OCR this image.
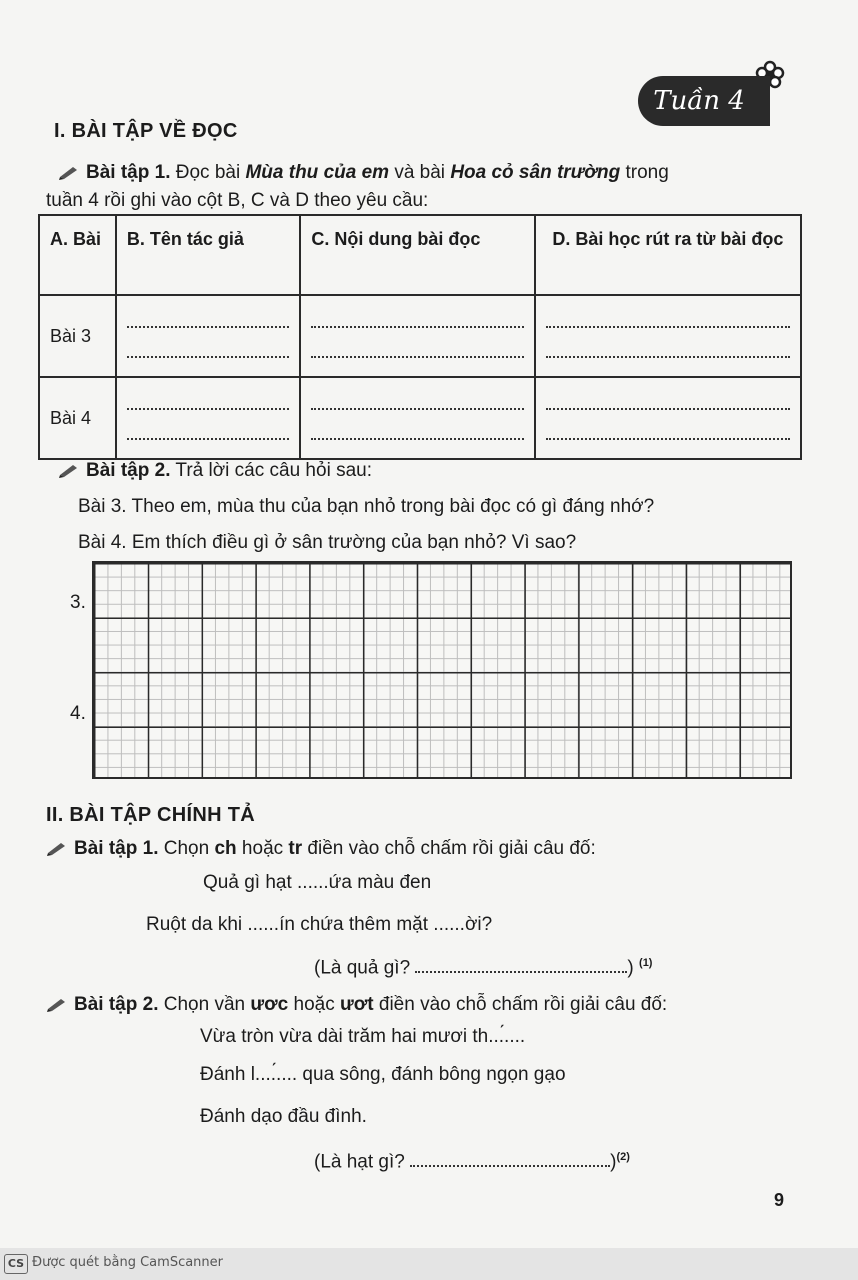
Tuần 4
I. BÀI TẬP VỀ ĐỌC
Bài tập 1. Đọc bài Mùa thu của em và bài Hoa cỏ sân trường trong
tuần 4 rồi ghi vào cột B, C và D theo yêu cầu:
A. Bài	B. Tên tác giả	C. Nội dung bài đọc	D. Bài học rút ra từ bài đọc
Bài 3	

Bài 4	

Bài tập 2. Trả lời các câu hỏi sau:
Bài 3. Theo em, mùa thu của bạn nhỏ trong bài đọc có gì đáng nhớ?
Bài 4. Em thích điều gì ở sân trường của bạn nhỏ? Vì sao?
3.
4.
II. BÀI TẬP CHÍNH TẢ
Bài tập 1. Chọn ch hoặc tr điền vào chỗ chấm rồi giải câu đố:
Quả gì hạt ......ứa màu đen
Ruột da khi ......ín chứa thêm mặt ......ời?
(Là quả gì?	) $^{(1)}$
Bài tập 2. Chọn vần ươc hoặc ươt điền vào chỗ chấm rồi giải câu đố:
Vừa tròn vừa dài trăm hai mươi th...́....
Đánh l....́.... qua sông, đánh bông ngọn gạo
Đánh dạo đầu đình.
(Là hạt gì?	)$^{(2)}$
9
CS Được quét bằng CamScanner
